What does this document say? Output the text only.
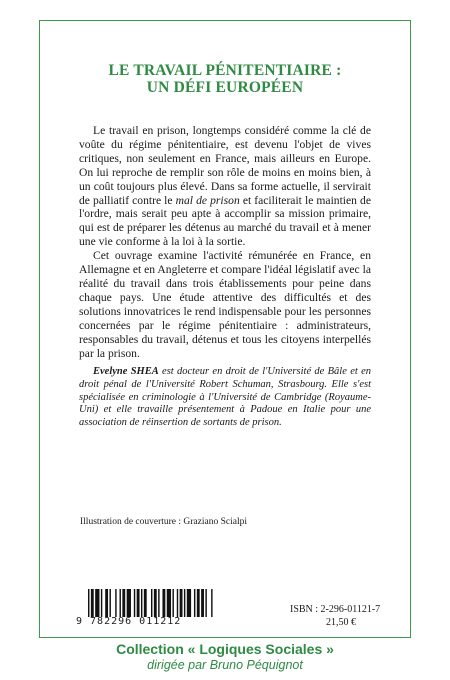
LE TRAVAIL PÉNITENTIAIRE :
UN DÉFI EUROPÉEN

Le travail en prison, longtemps considéré comme la clé de voûte du régime pénitentiaire, est devenu l'objet de vives critiques, non seulement en France, mais ailleurs en Europe. On lui reproche de remplir son rôle de moins en moins bien, à un coût toujours plus élevé. Dans sa forme actuelle, il servirait de palliatif contre le mal de prison et faciliterait le maintien de l'ordre, mais serait peu apte à accomplir sa mission primaire, qui est de préparer les détenus au marché du travail et à mener une vie conforme à la loi à la sortie.

Cet ouvrage examine l'activité rémunérée en France, en Allemagne et en Angleterre et compare l'idéal législatif avec la réalité du travail dans trois établissements pour peine dans chaque pays. Une étude attentive des difficultés et des solutions innovatrices le rend indispensable pour les personnes concernées par le régime pénitentiaire : administrateurs, responsables du travail, détenus et tous les citoyens interpellés par la prison.

Evelyne SHEA est docteur en droit de l'Université de Bâle et en droit pénal de l'Université Robert Schuman, Strasbourg. Elle s'est spécialisée en criminologie à l'Université de Cambridge (Royaume-Uni) et elle travaille présentement à Padoue en Italie pour une association de réinsertion de sortants de prison.

Illustration de couverture : Graziano Scialpi
9 782296 011212
ISBN : 2-296-01121-7
21,50 €
Collection « Logiques Sociales »
dirigée par Bruno Péquignot
